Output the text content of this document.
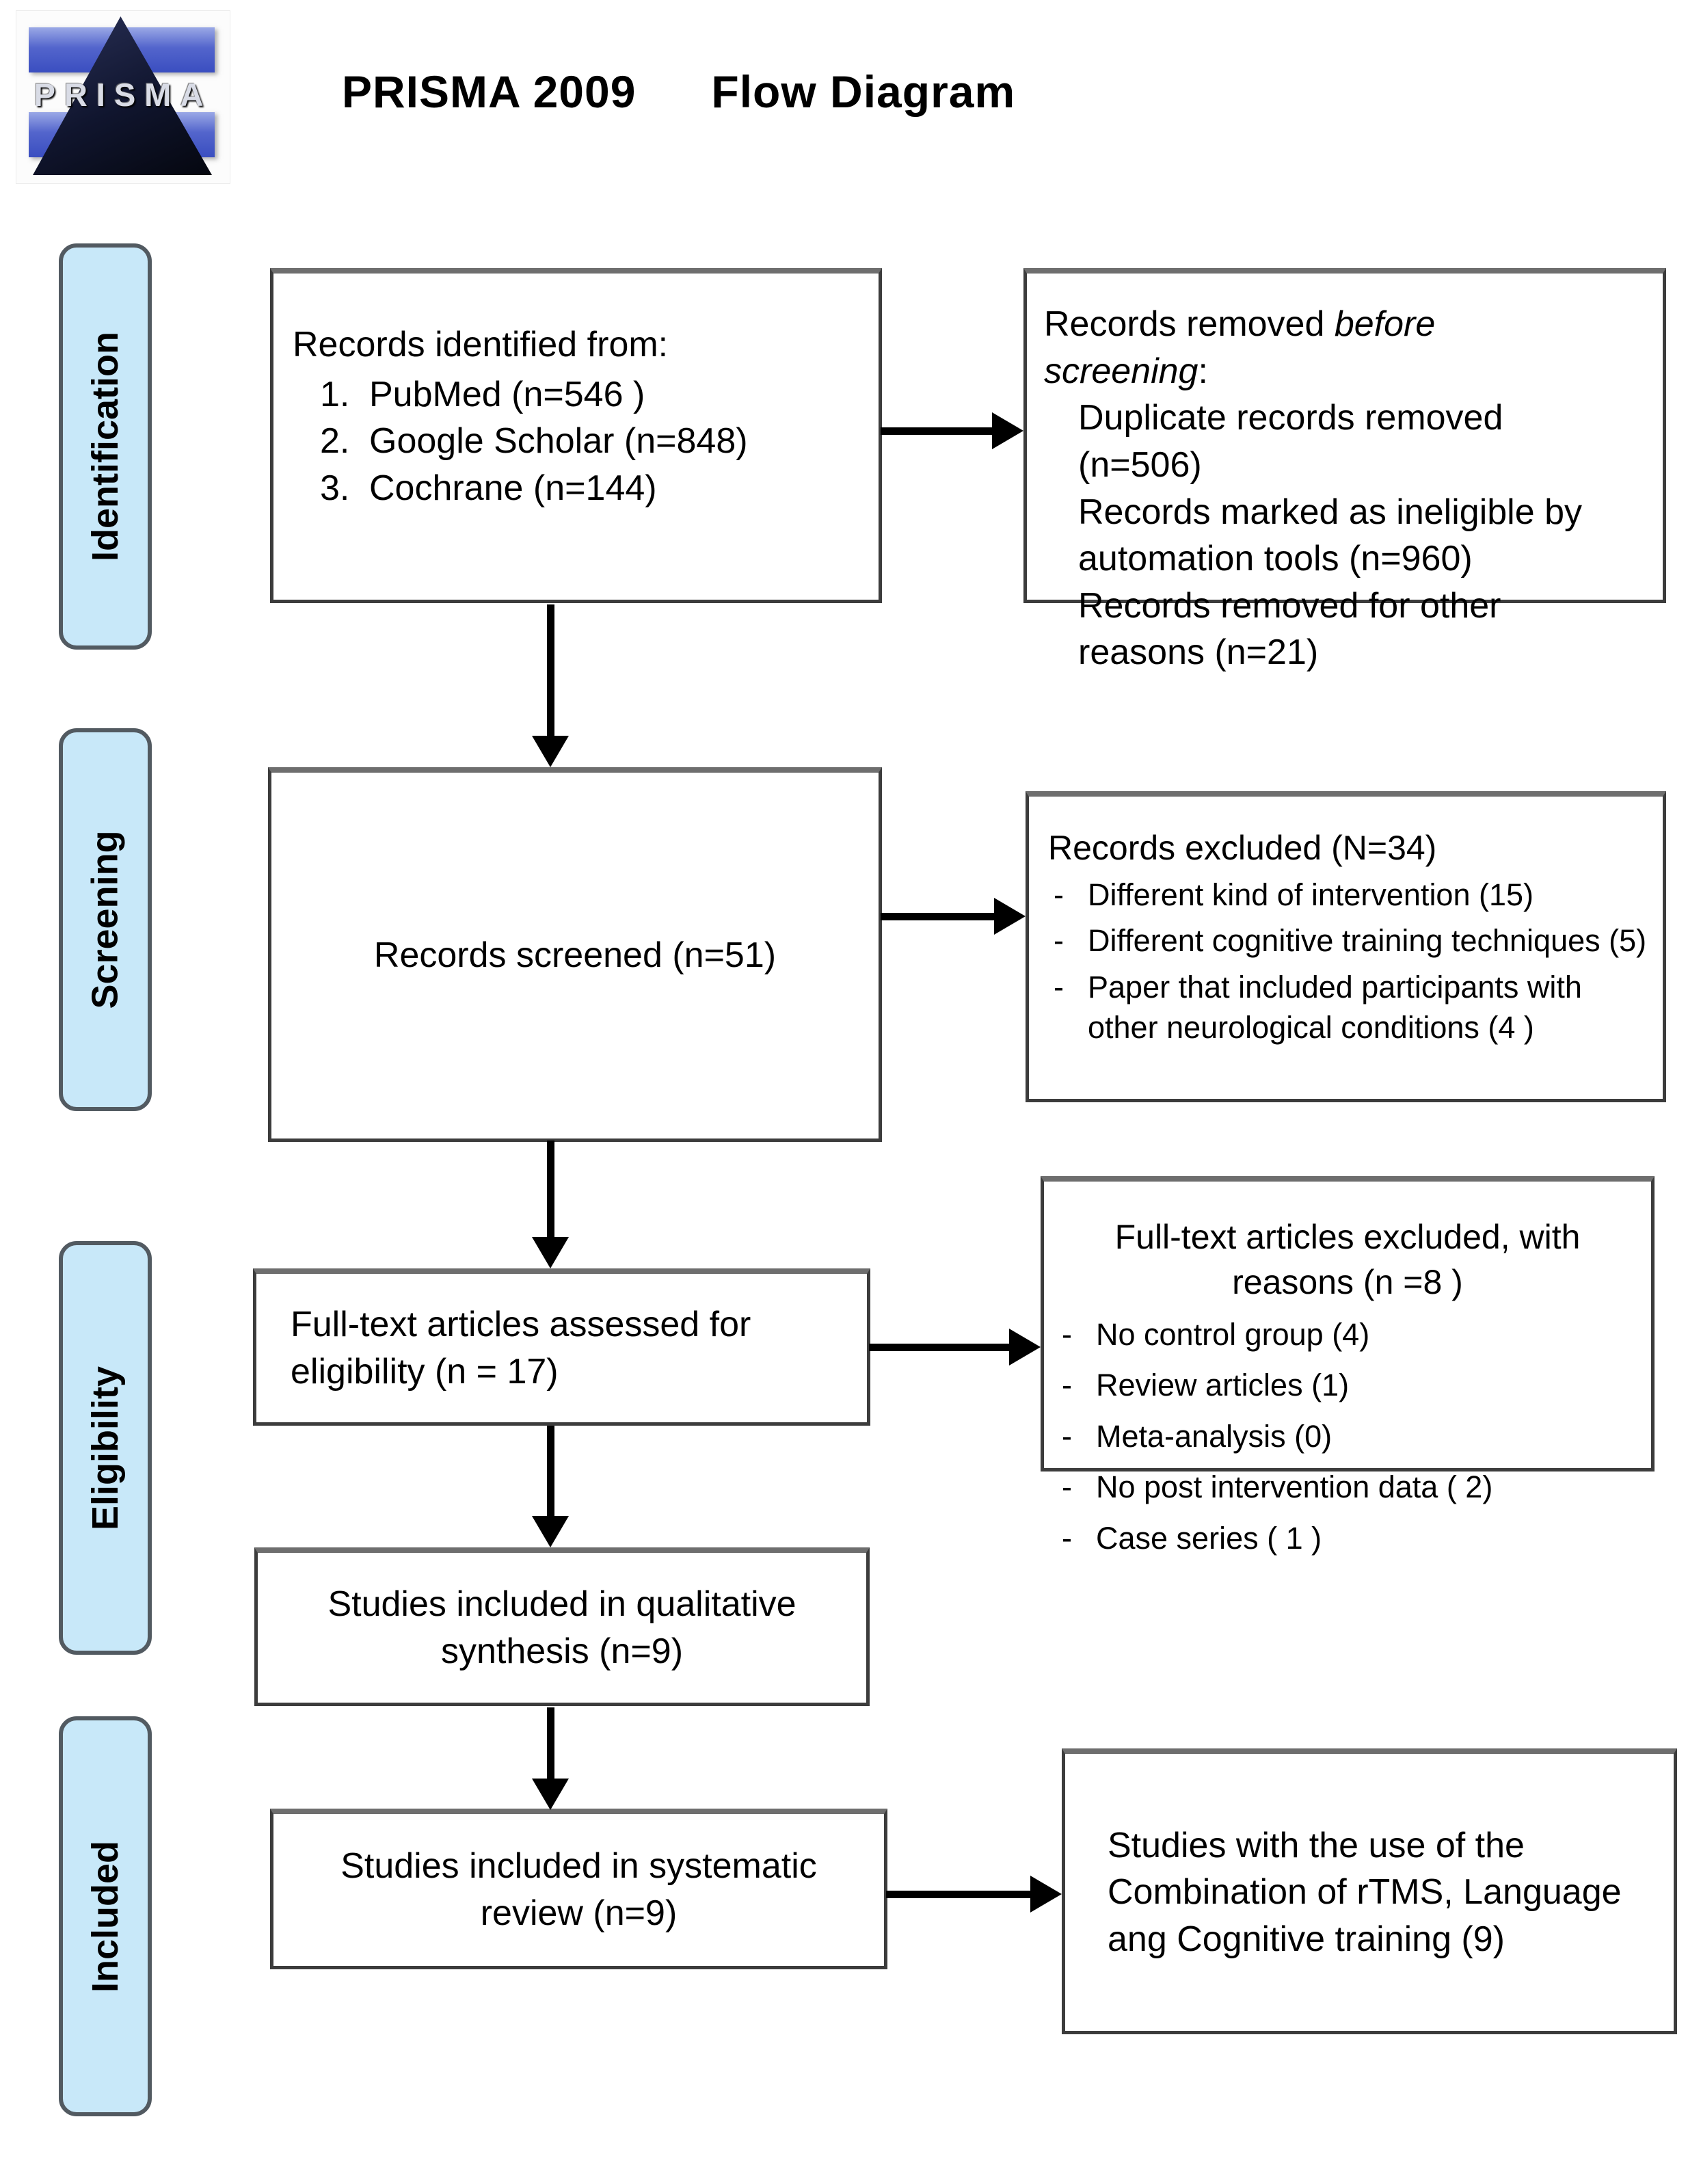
PRISMA	PRISMA 2009 Flow Diagram
Identification
Screening
Eligibility
Included

Records identified from:

PubMed (n=546 )
Google Scholar (n=848)
Cochrane (n=144)

Records removed before screening:

Duplicate records removed (n=506)
Records marked as ineligible by automation tools (n=960)
Records removed for other reasons (n=21)
Records screened (n=51)

Records excluded (N=34)

- Different kind of intervention (15)
- Different cognitive training techniques (5)
- Paper that included participants with other neurological conditions (4 )
Full-text articles assessed for eligibility (n = 17)

Full-text articles excluded, with reasons (n =8 )

- No control group (4)
- Review articles (1)
- Meta-analysis (0)
- No post intervention data ( 2)
- Case series ( 1 )
Studies included in qualitative synthesis (n=9)
Studies included in systematic review (n=9)
Studies with the use of the Combination of rTMS, Language ang Cognitive training (9)
